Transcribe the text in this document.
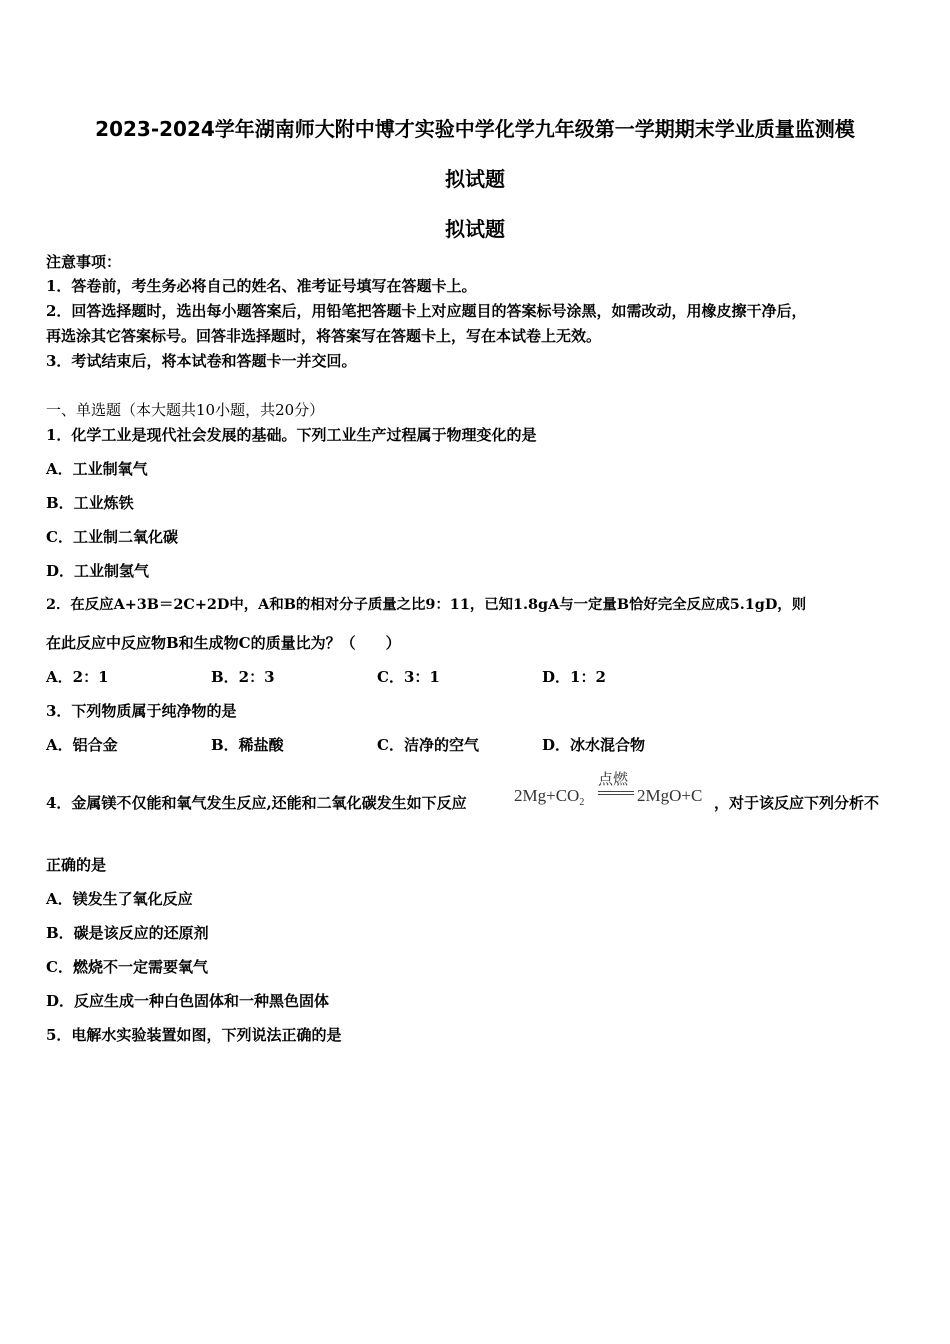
2023-2024学年湖南师大附中博才实验中学化学九年级第一学期期末学业质量监测模
拟试题
拟试题
注意事项：
1．答卷前，考生务必将自己的姓名、准考证号填写在答题卡上。
2．回答选择题时，选出每小题答案后，用铅笔把答题卡上对应题目的答案标号涂黑，如需改动，用橡皮擦干净后，
再选涂其它答案标号。回答非选择题时，将答案写在答题卡上，写在本试卷上无效。
3．考试结束后，将本试卷和答题卡一并交回。
一、单选题（本大题共10小题，共20分）
1．化学工业是现代社会发展的基础。下列工业生产过程属于物理变化的是
A．工业制氧气
B．工业炼铁
C．工业制二氧化碳
D．工业制氢气
2．在反应A+3B＝2C+2D中，A和B的相对分子质量之比9：11，已知1.8gA与一定量B恰好完全反应成5.1gD，则
在此反应中反应物B和生成物C的质量比为？（　　）
A．2：1	B．2：3	C．3：1	D．1：2
3．下列物质属于纯净物的是
A．铝合金	B．稀盐酸	C．洁净的空气	D．冰水混合物
4．金属镁不仅能和氧气发生反应,还能和二氧化碳发生如下反应	$2Mg+CO_2$
点燃
2MgO+C ，对于该反应下列分析不
正确的是
A．镁发生了氧化反应
B．碳是该反应的还原剂
C．燃烧不一定需要氧气
D．反应生成一种白色固体和一种黑色固体
5．电解水实验装置如图，下列说法正确的是
